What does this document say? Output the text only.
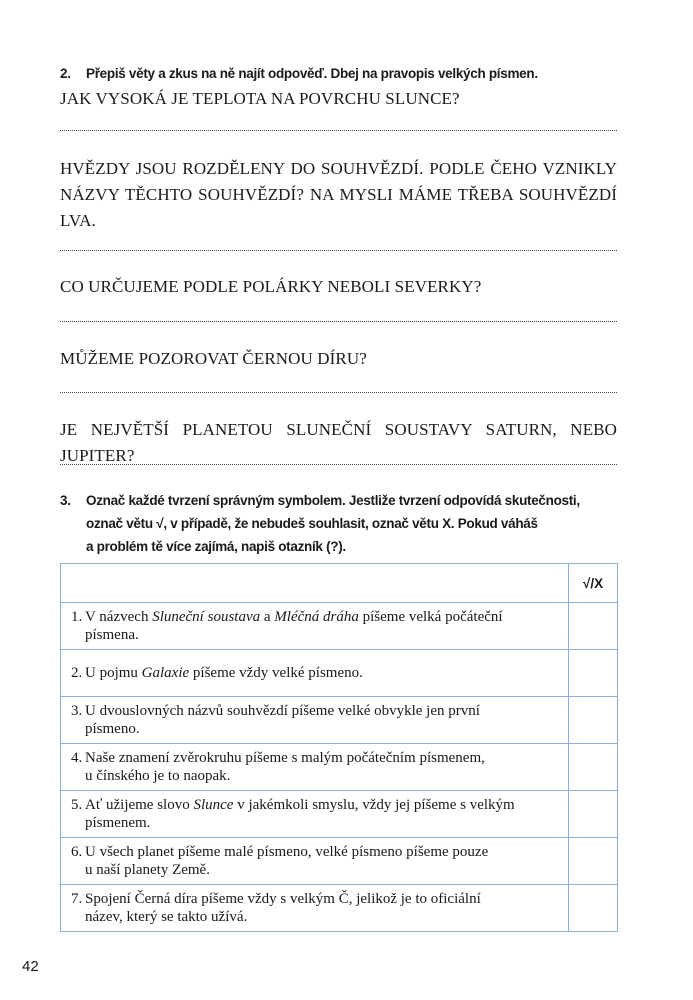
2. Přepiš věty a zkus na ně najít odpověď. Dbej na pravopis velkých písmen.
JAK VYSOKÁ JE TEPLOTA NA POVRCHU SLUNCE?
HVĚZDY JSOU ROZDĚLENY DO SOUHVĚZDÍ. PODLE ČEHO VZNIKLY NÁZVY TĚCHTO SOUHVĚZDÍ? NA MYSLI MÁME TŘEBA SOUHVĚZDÍ LVA.
CO URČUJEME PODLE POLÁRKY NEBOLI SEVERKY?
MŮŽEME POZOROVAT ČERNOU DÍRU?
JE NEJVĚTŠÍ PLANETOU SLUNEČNÍ SOUSTAVY SATURN, NEBO JUPITER?
3. Označ každé tvrzení správným symbolem. Jestliže tvrzení odpovídá skutečnosti,
označ větu √, v případě, že nebudeš souhlasit, označ větu X. Pokud váháš
a problém tě více zajímá, napiš otazník (?).
	√/X
1. V názvech Sluneční soustava a Mléčná dráha píšeme velká počáteční
písmena.	

2. U pojmu Galaxie píšeme vždy velké písmeno.	
3. U dvouslovných názvů souhvězdí píšeme velké obvykle jen první
písmeno.	

4. Naše znamení zvěrokruhu píšeme s malým počátečním písmenem,
u čínského je to naopak.	

5. Ať užijeme slovo Slunce v jakémkoli smyslu, vždy jej píšeme s velkým
písmenem.	

6. U všech planet píšeme malé písmeno, velké písmeno píšeme pouze
u naší planety Země.	

7. Spojení Černá díra píšeme vždy s velkým Č, jelikož je to oficiální
název, který se takto užívá.	

42
